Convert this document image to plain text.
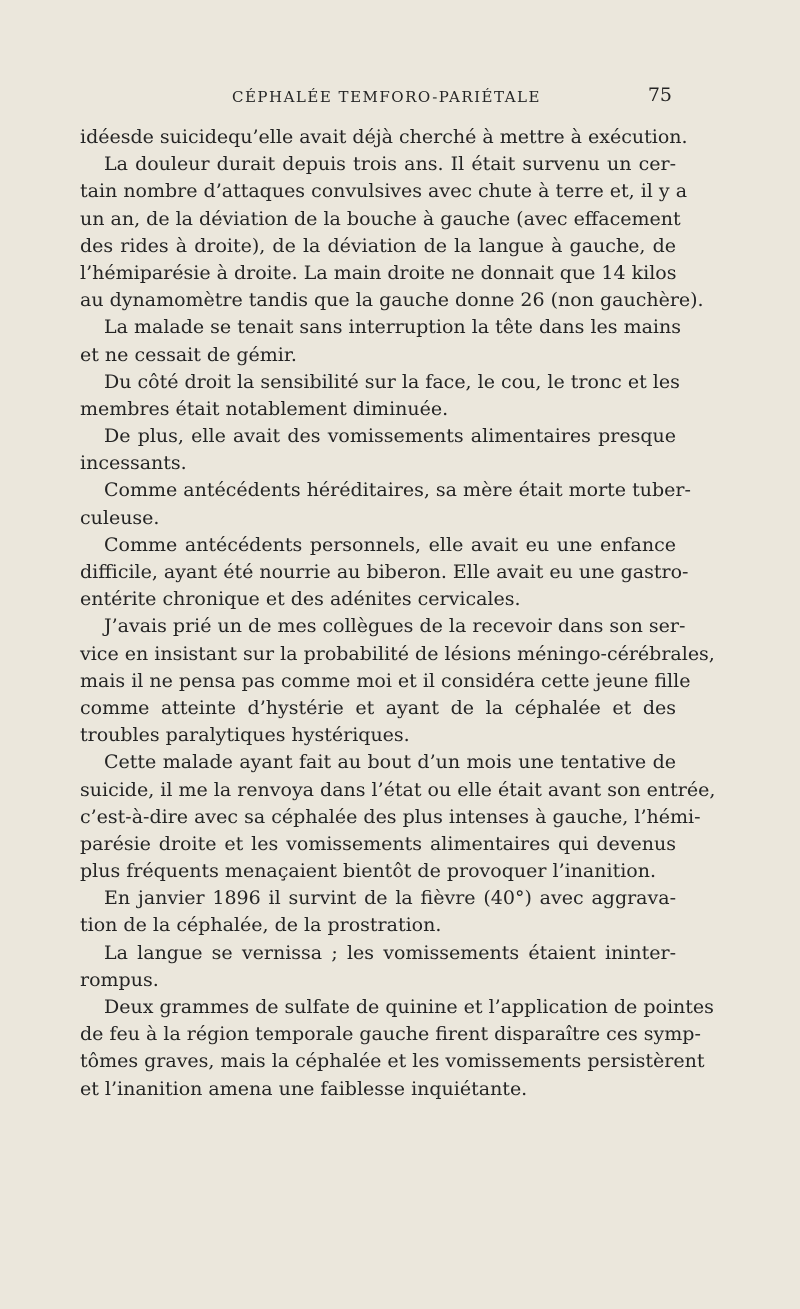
CÉPHALÉE TEMFORO-PARIÉTALE	75
idéesde suicidequ’elle avait déjà cherché à mettre à exécution.
La douleur durait depuis trois ans. Il était survenu un cer-
tain nombre d’attaques convulsives avec chute à terre et, il y a
un an, de la déviation de la bouche à gauche (avec effacement
des rides à droite), de la déviation de la langue à gauche, de
l’hémiparésie à droite. La main droite ne donnait que 14 kilos
au dynamomètre tandis que la gauche donne 26 (non gauchère).
La malade se tenait sans interruption la tête dans les mains
et ne cessait de gémir.
Du côté droit la sensibilité sur la face, le cou, le tronc et les
membres était notablement diminuée.
De plus, elle avait des vomissements alimentaires presque
incessants.
Comme antécédents héréditaires, sa mère était morte tuber-
culeuse.
Comme antécédents personnels, elle avait eu une enfance
difficile, ayant été nourrie au biberon. Elle avait eu une gastro-
entérite chronique et des adénites cervicales.
J’avais prié un de mes collègues de la recevoir dans son ser-
vice en insistant sur la probabilité de lésions méningo-cérébrales,
mais il ne pensa pas comme moi et il considéra cette jeune fille
comme atteinte d’hystérie et ayant de la céphalée et des
troubles paralytiques hystériques.
Cette malade ayant fait au bout d’un mois une tentative de
suicide, il me la renvoya dans l’état ou elle était avant son entrée,
c’est-à-dire avec sa céphalée des plus intenses à gauche, l’hémi-
parésie droite et les vomissements alimentaires qui devenus
plus fréquents menaçaient bientôt de provoquer l’inanition.
En janvier 1896 il survint de la fièvre (40°) avec aggrava-
tion de la céphalée, de la prostration.
La langue se vernissa ; les vomissements étaient ininter-
rompus.
Deux grammes de sulfate de quinine et l’application de pointes
de feu à la région temporale gauche firent disparaître ces symp-
tômes graves, mais la céphalée et les vomissements persistèrent
et l’inanition amena une faiblesse inquiétante.
